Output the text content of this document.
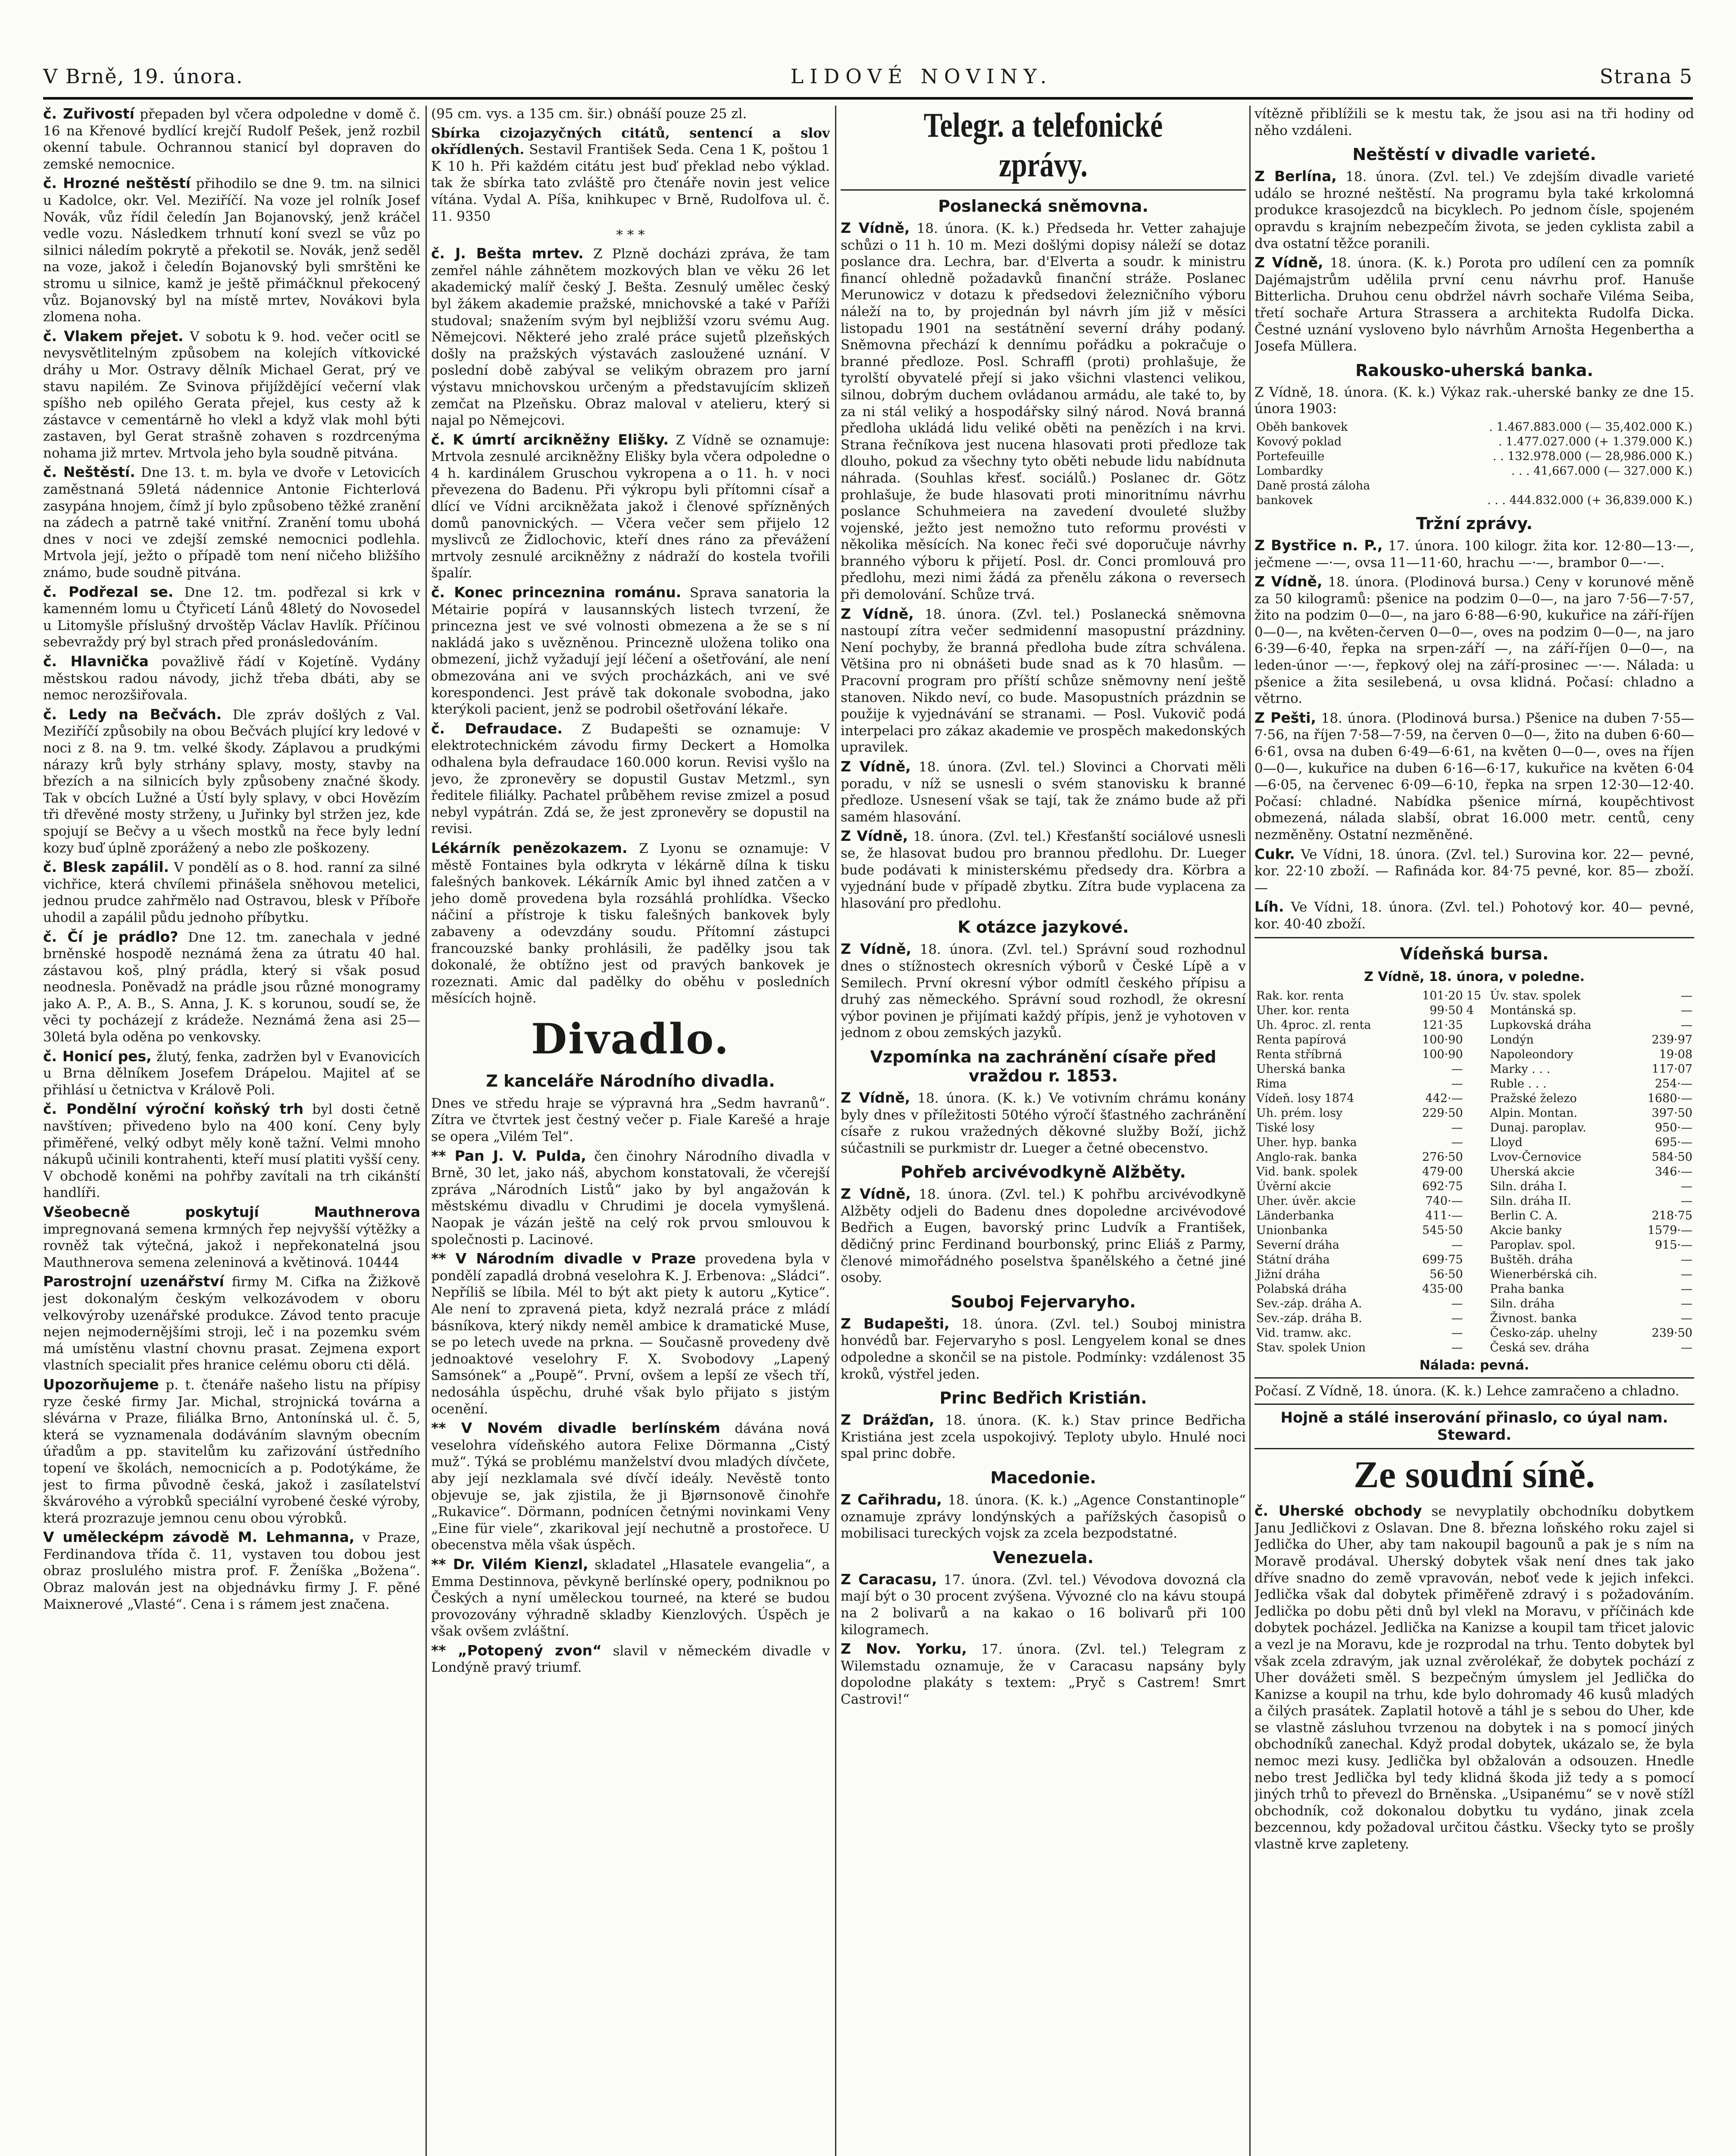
V Brně, 19. února.	LIDOVÉ NOVINY.	Strana 5

č. Zuřivostí přepaden byl včera odpoledne v domě č. 16 na Křenové bydlící krejčí Rudolf Pešek, jenž rozbil okenní tabule. Ochrannou stanicí byl dopraven do zemské nemocnice.

č. Hrozné neštěstí přihodilo se dne 9. tm. na silnici u Kadolce, okr. Vel. Meziříčí. Na voze jel rolník Josef Novák, vůz řídil čeledín Jan Bojanovský, jenž kráčel vedle vozu. Následkem trhnutí koní svezl se vůz po silnici náledím pokrytě a překotil se. Novák, jenž seděl na voze, jakož i čeledín Bojanovský byli smrštěni ke stromu u silnice, kamž je ještě přimáčknul překocený vůz. Bojanovský byl na místě mrtev, Novákovi byla zlomena noha.

č. Vlakem přejet. V sobotu k 9. hod. večer ocitl se nevysvětlitelným způsobem na kolejích vítkovické dráhy u Mor. Ostravy dělník Michael Gerat, prý ve stavu napilém. Ze Svinova přijíždějící večerní vlak spíšho neb opilého Gerata přejel, kus cesty až k zástavce v cementárně ho vlekl a když vlak mohl býti zastaven, byl Gerat strašně zohaven s rozdrcenýma nohama již mrtev. Mrtvola jeho byla soudně pitvána.

č. Neštěstí. Dne 13. t. m. byla ve dvoře v Letovicích zaměstnaná 59letá nádennice Antonie Fichterlová zasypána hnojem, čímž jí bylo způsobeno těžké zranění na zádech a patrně také vnitřní. Zranění tomu ubohá dnes v noci ve zdejší zemské nemocnici podlehla. Mrtvola její, ježto o případě tom není ničeho bližšího známo, bude soudně pitvána.

č. Podřezal se. Dne 12. tm. podřezal si krk v kamenném lomu u Čtyřicetí Lánů 48letý do Novosedel u Litomyšle příslušný drvoštěp Václav Havlík. Příčinou sebevraždy prý byl strach před pronásledováním.

č. Hlavnička považlivě řádí v Kojetíně. Vydány městskou radou návody, jichž třeba dbáti, aby se nemoc nerozšiřovala.

č. Ledy na Bečvách. Dle zpráv došlých z Val. Meziříčí způsobily na obou Bečvách plující kry ledové v noci z 8. na 9. tm. velké škody. Záplavou a prudkými nárazy krů byly strhány splavy, mosty, stavby na březích a na silnicích byly způsobeny značné škody. Tak v obcích Lužné a Ústí byly splavy, v obci Hovězím tři dřevěné mosty strženy, u Juřinky byl stržen jez, kde spojují se Bečvy a u všech mostků na řece byly lední kozy buď úplně zporážený a nebo zle poškozeny.

č. Blesk zapálil. V pondělí as o 8. hod. ranní za silné vichřice, která chvílemi přinášela sněhovou metelici, jednou prudce zahřmělo nad Ostravou, blesk v Příboře uhodil a zapálil půdu jednoho příbytku.

č. Čí je prádlo? Dne 12. tm. zanechala v jedné brněnské hospodě neznámá žena za útratu 40 hal. zástavou koš, plný prádla, který si však posud neodnesla. Poněvadž na prádle jsou různé monogramy jako A. P., A. B., S. Anna, J. K. s korunou, soudí se, že věci ty pocházejí z krádeže. Neznámá žena asi 25—30letá byla oděna po venkovsky.

č. Honicí pes, žlutý, fenka, zadržen byl v Evanovicích u Brna dělníkem Josefem Drápelou. Majitel ať se přihlásí u četnictva v Králově Poli.

č. Pondělní výroční koňský trh byl dosti četně navštíven; přivedeno bylo na 400 koní. Ceny byly přiměřené, velký odbyt měly koně tažní. Velmi mnoho nákupů učinili kontrahenti, kteří musí platiti vyšší ceny. V obchodě koněmi na pohřby zavítali na trh cikánští handlíři.

Všeobecně poskytují Mauthnerova impregnovaná semena krmných řep nejvyšší výtěžky a rovněž tak výtečná, jakož i nepřekonatelná jsou Mauthnerova semena zeleninová a květinová. 10444

Parostrojní uzenářství firmy M. Cifka na Žižkově jest dokonalým českým velkozávodem v oboru velkovýroby uzenářské produkce. Závod tento pracuje nejen nejmodernějšími stroji, leč i na pozemku svém má umístěnu vlastní chovnu prasat. Zejmena export vlastních specialit přes hranice celému oboru cti dělá.

Upozorňujeme p. t. čtenáře našeho listu na přípisy ryze české firmy Jar. Michal, strojnická továrna a slévárna v Praze, filiálka Brno, Antonínská ul. č. 5, která se vyznamenala dodáváním slavným obecním úřadům a pp. stavitelům ku zařizování ústředního topení ve školách, nemocnicích a p. Podotýkáme, že jest to firma původně česká, jakož i zasílatelství škvárového a výrobků speciální vyrobené české výroby, která prozrazuje jemnou cenu obou výrobků.

V umělecképm závodě M. Lehmanna, v Praze, Ferdinandova třída č. 11, vystaven tou dobou jest obraz proslulého mistra prof. F. Ženíška „Božena“. Obraz malován jest na objednávku firmy J. F. pěné Maixnerové „Vlasté“. Cena i s rámem jest značena.

(95 cm. vys. a 135 cm. šir.) obnáší pouze 25 zl.

Sbírka cizojazyčných citátů, sentencí a slov okřídlených. Sestavil František Seda. Cena 1 K, poštou 1 K 10 h. Při každém citátu jest buď překlad nebo výklad. tak že sbírka tato zvláště pro čtenáře novin jest velice vítána. Vydal A. Píša, knihkupec v Brně, Rudolfova ul. č. 11. 9350

* * *

č. J. Bešta mrtev. Z Plzně docházi zpráva, že tam zemřel náhle záhnětem mozkových blan ve věku 26 let akademický malíř český J. Bešta. Zesnulý umělec český byl žákem akademie pražské, mnichovské a také v Paříži studoval; snažením svým byl nejbližší vzoru svému Aug. Němejcovi. Některé jeho zralé práce sujetů plzeňských došly na pražských výstavách zasloužené uznání. V poslední době zabýval se velikým obrazem pro jarní výstavu mnichovskou určeným a představujícím sklizeň zemčat na Plzeňsku. Obraz maloval v atelieru, který si najal po Němejcovi.

č. K úmrtí arcikněžny Elišky. Z Vídně se oznamuje: Mrtvola zesnulé arcikněžny Elišky byla včera odpoledne o 4 h. kardinálem Gruschou vykropena a o 11. h. v noci převezena do Badenu. Při výkropu byli přítomni císař a dlící ve Vídni arcikněžata jakož i členové spřízněných domů panovnických. — Včera večer sem přijelo 12 myslivců ze Židlochovic, kteří dnes ráno za převážení mrtvoly zesnulé arcikněžny z nádraží do kostela tvořili špalír.

č. Konec princeznina románu. Sprava sanatoria la Métairie popírá v lausannských listech tvrzení, že princezna jest ve své volnosti obmezena a že se s ní nakládá jako s uvězněnou. Princezně uložena toliko ona obmezení, jichž vyžadují její léčení a ošetřování, ale není obmezována ani ve svých procházkách, ani ve své korespondenci. Jest právě tak dokonale svobodna, jako kterýkoli pacient, jenž se podrobil ošetřování lékaře.

č. Defraudace. Z Budapešti se oznamuje: V elektrotechnickém závodu firmy Deckert a Homolka odhalena byla defraudace 160.000 korun. Revisi vyšlo na jevo, že zpronevěry se dopustil Gustav Metzml., syn ředitele filiálky. Pachatel průběhem revise zmizel a posud nebyl vypátrán. Zdá se, že jest zpronevěry se dopustil na revisi.

Lékárník penězokazem. Z Lyonu se oznamuje: V městě Fontaines byla odkryta v lékárně dílna k tisku falešných bankovek. Lékárník Amic byl ihned zatčen a v jeho domě provedena byla rozsáhlá prohlídka. Všecko náčiní a přístroje k tisku falešných bankovek byly zabaveny a odevzdány soudu. Přítomní zástupci francouzské banky prohlásili, že padělky jsou tak dokonalé, že obtížno jest od pravých bankovek je rozeznati. Amic dal padělky do oběhu v posledních měsících hojně.

Divadlo.
Z kanceláře Národního divadla.

Dnes ve středu hraje se výpravná hra „Sedm havranů“. Zítra ve čtvrtek jest čestný večer p. Fiale Karešé a hraje se opera „Vilém Tel“.

** Pan J. V. Pulda, čen činohry Národního divadla v Brně, 30 let, jako náš, abychom konstatovali, že včerejší zpráva „Národních Listů“ jako by byl angažován k městskému divadlu v Chrudimi je docela vymyšlená. Naopak je vázán ještě na celý rok prvou smlouvou k společnosti p. Lacinové.

** V Národním divadle v Praze provedena byla v pondělí zapadlá drobná veselohra K. J. Erbenova: „Sládci“. Nepříliš se líbila. Mél to být akt piety k autoru „Kytice“. Ale není to zpravená pieta, když nezralá práce z mládí básníkova, který nikdy neměl ambice k dramatické Muse, se po letech uvede na prkna. — Současně provedeny dvě jednoaktové veselohry F. X. Svobodovy „Lapený Samsónek“ a „Poupě“. První, ovšem a lepší ze všech tří, nedosáhla úspěchu, druhé však bylo přijato s jistým ocenění.

** V Novém divadle berlínském dávána nová veselohra vídeňského autora Felixe Dörmanna „Cistý muž“. Týká se problému manželství dvou mladých dívčete, aby její nezklamala své dívčí ideály. Nevěstě tonto objevuje se, jak zjistila, že ji Bjørnsonově činohře „Rukavice“. Dörmann, podnícen četnými novinkami Veny „Eine für viele“, zkarikoval její nechutně a prostořece. U obecenstva měla však úspěch.

** Dr. Vilém Kienzl, skladatel „Hlasatele evangelia“, a Emma Destinnova, pěvkyně berlínské opery, podniknou po Českých a nyní uměleckou tourneé, na které se budou provozovány výhradně skladby Kienzlových. Úspěch je však ovšem zvláštní.

** „Potopený zvon“ slavil v německém divadle v Londýně pravý triumf.

Telegr. a telefonické zprávy.
Poslanecká sněmovna.

Z Vídně, 18. února. (K. k.) Předseda hr. Vetter zahajuje schůzi o 11 h. 10 m. Mezi došlými dopisy náleží se dotaz poslance dra. Lechra, bar. d'Elverta a soudr. k ministru financí ohledně požadavků finanční stráže. Poslanec Merunowicz v dotazu k předsedovi železničního výboru náleží na to, by projednán byl návrh jím již v měsíci listopadu 1901 na sestátnění severní dráhy podaný. Sněmovna přechází k dennímu pořádku a pokračuje o branné předloze. Posl. Schraffl (proti) prohlašuje, že tyrolští obyvatelé přejí si jako všichni vlastenci velikou, silnou, dobrým duchem ovládanou armádu, ale také to, by za ni stál veliký a hospodářsky silný národ. Nová branná předloha ukládá lidu veliké oběti na penězích i na krvi. Strana řečníkova jest nucena hlasovati proti předloze tak dlouho, pokud za všechny tyto oběti nebude lidu nabídnuta náhrada. (Souhlas křesť. sociálů.) Poslanec dr. Götz prohlašuje, že bude hlasovati proti minoritnímu návrhu poslance Schuhmeiera na zavedení dvouleté služby vojenské, ježto jest nemožno tuto reformu provésti v několika měsících. Na konec řeči své doporučuje návrhy branného výboru k přijetí. Posl. dr. Conci promlouvá pro předlohu, mezi nimi žádá za přenělu zákona o reversech při demolování. Schůze trvá.

Z Vídně, 18. února. (Zvl. tel.) Poslanecká sněmovna nastoupí zítra večer sedmidenní masopustní prázdniny. Není pochyby, že branná předloha bude zítra schválena. Většina pro ni obnášeti bude snad as k 70 hlasům. — Pracovní program pro příští schůze sněmovny není ještě stanoven. Nikdo neví, co bude. Masopustních prázdnin se použije k vyjednávání se stranami. — Posl. Vukovič podá interpelaci pro zákaz akademie ve prospěch makedonských upravilek.

Z Vídně, 18. února. (Zvl. tel.) Slovinci a Chorvati měli poradu, v níž se usnesli o svém stanovisku k branné předloze. Usnesení však se tají, tak že známo bude až při samém hlasování.

Z Vídně, 18. února. (Zvl. tel.) Křesťanští sociálové usnesli se, že hlasovat budou pro brannou předlohu. Dr. Lueger bude podávati k ministerskému předsedy dra. Körbra a vyjednání bude v případě zbytku. Zítra bude vyplacena za hlasování pro předlohu.

K otázce jazykové.

Z Vídně, 18. února. (Zvl. tel.) Správní soud rozhodnul dnes o stížnostech okresních výborů v České Lípě a v Semilech. První okresní výbor odmítl českého přípisu a druhý zas německého. Správní soud rozhodl, že okresní výbor povinen je přijímati každý přípis, jenž je vyhotoven v jednom z obou zemských jazyků.

Vzpomínka na zachránění císaře před vraždou r. 1853.

Z Vídně, 18. února. (K. k.) Ve votivním chrámu konány byly dnes v příležitosti 50tého výročí šťastného zachránění císaře z rukou vražedných děkovné služby Boží, jichž súčastnili se purkmistr dr. Lueger a četné obecenstvo.

Pohřeb arcivévodkyně Alžběty.

Z Vídně, 18. února. (Zvl. tel.) K pohřbu arcivévodkyně Alžběty odjeli do Badenu dnes dopoledne arcivévodové Bedřich a Eugen, bavorský princ Ludvík a František, dědičný princ Ferdinand bourbonský, princ Eliáš z Parmy, členové mimořádného poselstva španělského a četné jiné osoby.

Souboj Fejervaryho.

Z Budapešti, 18. února. (Zvl. tel.) Souboj ministra honvédů bar. Fejervaryho s posl. Lengyelem konal se dnes odpoledne a skončil se na pistole. Podmínky: vzdálenost 35 kroků, výstřel jeden.

Princ Bedřich Kristián.

Z Drážďan, 18. února. (K. k.) Stav prince Bedřicha Kristiána jest zcela uspokojivý. Teploty ubylo. Hnulé noci spal princ dobře.

Macedonie.

Z Cařihradu, 18. února. (K. k.) „Agence Constantinople“ oznamuje zprávy londýnských a pařížských časopisů o mobilisaci tureckých vojsk za zcela bezpodstatné.

Venezuela.

Z Caracasu, 17. února. (Zvl. tel.) Vévodova dovozná cla mají být o 30 procent zvýšena. Vývozné clo na kávu stoupá na 2 bolivarů a na kakao o 16 bolivarů při 100 kilogramech.

Z Nov. Yorku, 17. února. (Zvl. tel.) Telegram z Wilemstadu oznamuje, že v Caracasu napsány byly dopolodne plakáty s textem: „Pryč s Castrem! Smrt Castrovi!“

vítězně přiblížili se k mestu tak, že jsou asi na tři hodiny od něho vzdáleni.

Neštěstí v divadle varieté.

Z Berlína, 18. února. (Zvl. tel.) Ve zdejším divadle varieté událo se hrozné neštěstí. Na programu byla také krkolomná produkce krasojezdců na bicyklech. Po jednom čísle, spojeném opravdu s krajním nebezpečím života, se jeden cyklista zabil a dva ostatní těžce poranili.

Z Vídně, 18. února. (K. k.) Porota pro udílení cen za pomník Dajémajstrům udělila první cenu návrhu prof. Hanuše Bitterlicha. Druhou cenu obdržel návrh sochaře Viléma Seiba, třetí sochaře Artura Strassera a architekta Rudolfa Dicka. Čestné uznání vysloveno bylo návrhům Arnošta Hegenbertha a Josefa Müllera.

Rakousko-uherská banka.

Z Vídně, 18. února. (K. k.) Výkaz rak.-uherské banky ze dne 15. února 1903:

Oběh bankovek	. 1.467.883.000 (— 35,402.000 K.)
Kovový poklad	. 1.477.027.000 (+ 1.379.000 K.)
Portefeuille	. . 132.978.000 (— 28,986.000 K.)
Lombardky	. . . 41,667.000 (— 327.000 K.)
Daně prostá záloha	
bankovek	. . . 444.832.000 (+ 36,839.000 K.)
Tržní zprávy.

Z Bystřice n. P., 17. února. 100 kilogr. žita kor. 12·80—13·—, ječmene —·—, ovsa 11—11·60, hrachu —·—, brambor 0—·—.

Z Vídně, 18. února. (Plodinová bursa.) Ceny v korunové měně za 50 kilogramů: pšenice na podzim 0—0—, na jaro 7·56—7·57, žito na podzim 0—0—, na jaro 6·88—6·90, kukuřice na září-říjen 0—0—, na květen-červen 0—0—, oves na podzim 0—0—, na jaro 6·39—6·40, řepka na srpen-září —, na září-říjen 0—0—, na leden-únor —·—, řepkový olej na září-prosinec —·—. Nálada: u pšenice a žita sesilebená, u ovsa klidná. Počasí: chladno a větrno.

Z Pešti, 18. února. (Plodinová bursa.) Pšenice na duben 7·55—7·56, na říjen 7·58—7·59, na červen 0—0—, žito na duben 6·60—6·61, ovsa na duben 6·49—6·61, na květen 0—0—, oves na říjen 0—0—, kukuřice na duben 6·16—6·17, kukuřice na květen 6·04—6·05, na červenec 6·09—6·10, řepka na srpen 12·30—12·40. Počasí: chladné. Nabídka pšenice mírná, koupěchtivost obmezená, nálada slabší, obrat 16.000 metr. centů, ceny nezměněny. Ostatní nezměněné.

Cukr. Ve Vídni, 18. února. (Zvl. tel.) Surovina kor. 22— pevné, kor. 22·10 zboží. — Rafináda kor. 84·75 pevné, kor. 85— zboží. —

Líh. Ve Vídni, 18. února. (Zvl. tel.) Pohotový kor. 40— pevné, kor. 40·40 zboží.

Vídeňská bursa.
Z Vídně, 18. února, v poledne.
Rak. kor. renta	101·20	15	Úv. stav. spolek	—
Uher. kor. renta	99·50	4	Montánská sp.	—
Uh. 4proc. zl. renta	121·35		Lupkovská dráha	—
Renta papírová	100·90		Londýn	239·97
Renta stříbrná	100·90		Napoleondory	19·08
Uherská banka	—		Marky . . .	117·07
Rima	—		Ruble . . .	254·—
Vídeň. losy 1874	442·—		Pražské železo	1680·—
Uh. prém. losy	229·50		Alpin. Montan.	397·50
Tiské losy	—		Dunaj. paroplav.	950·—
Uher. hyp. banka	—		Lloyd	695·—
Anglo-rak. banka	276·50		Lvov-Černovice	584·50
Vid. bank. spolek	479·00		Uherská akcie	346·—
Úvěrní akcie	692·75		Siln. dráha I.	—
Uher. úvěr. akcie	740·—		Siln. dráha II.	—
Länderbanka	411·—		Berlin C. A.	218·75
Unionbanka	545·50		Akcie banky	1579·—
Severní dráha	—		Paroplav. spol.	915·—
Státní dráha	699·75		Buštěh. dráha	—
Jižní dráha	56·50		Wienerbérská cih.	—
Polabská dráha	435·00		Praha banka	—
Sev.-záp. dráha A.	—		Siln. dráha	—
Sev.-záp. dráha B.	—		Živnost. banka	—
Vid. tramw. akc.	—		Česko-záp. uhelny	239·50
Stav. spolek Union	—		Česká sev. dráha	—
Nálada: pevná.

Počasí. Z Vídně, 18. února. (K. k.) Lehce zamračeno a chladno.

Hojně a stálé inserování přinaslo, co úyal nam. Steward.
Ze soudní síně.

č. Uherské obchody se nevyplatily obchodníku dobytkem Janu Jedličkovi z Oslavan. Dne 8. března loňského roku zajel si Jedlička do Uher, aby tam nakoupil bagounů a pak je s ním na Moravě prodával. Uherský dobytek však není dnes tak jako dříve snadno do země vpravován, neboť vede k jejich infekci. Jedlička však dal dobytek přiměřeně zdravý i s požadováním. Jedlička po dobu pěti dnů byl vlekl na Moravu, v příčinách kde dobytek pocházel. Jedlička na Kanizse a koupil tam třicet jalovic a vezl je na Moravu, kde je rozprodal na trhu. Tento dobytek byl však zcela zdravým, jak uznal zvěrolékař, že dobytek pochází z Uher dovážeti směl. S bezpečným úmyslem jel Jedlička do Kanizse a koupil na trhu, kde bylo dohromady 46 kusů mladých a čilých prasátek. Zaplatil hotově a táhl je s sebou do Uher, kde se vlastně zásluhou tvrzenou na dobytek i na s pomocí jiných obchodníků zanechal. Když prodal dobytek, ukázalo se, že byla nemoc mezi kusy. Jedlička byl obžalován a odsouzen. Hnedle nebo trest Jedlička byl tedy klidná škoda již tedy a s pomocí jiných trhů to převezl do Brněnska. „Usipanému“ se v nově stížl obchodník, což dokonalou dobytku tu vydáno, jinak zcela bezcennou, kdy požadoval určitou částku. Všecky tyto se prošly vlastně krve zapleteny.
